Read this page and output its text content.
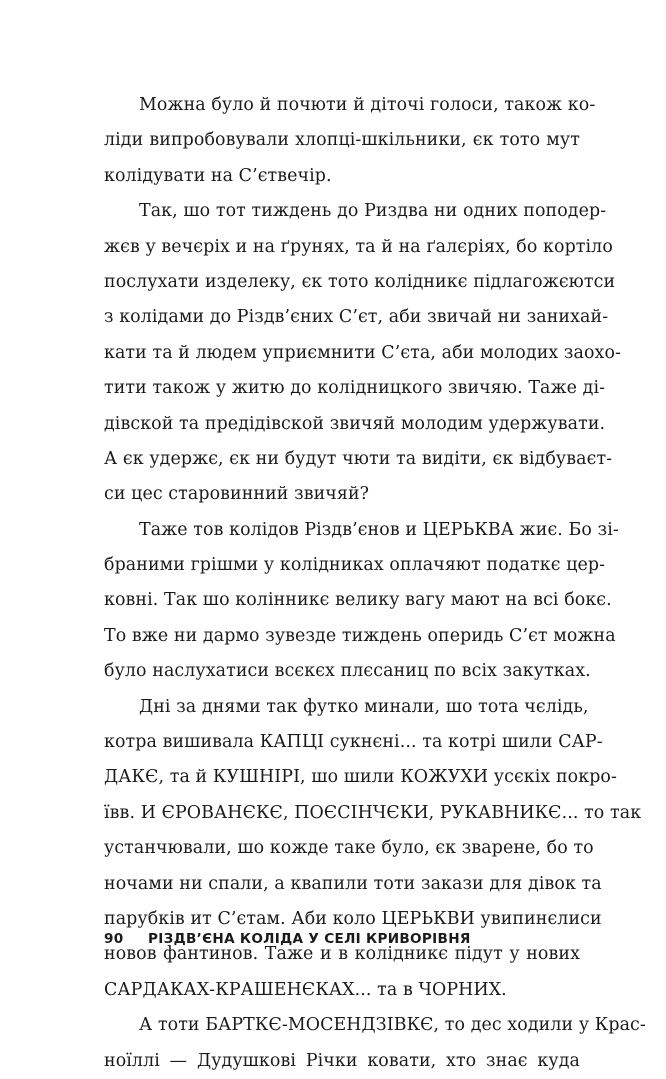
Можна було й почюти й діточі голоси, також ко-
ліди випробовували хлопці-шкільники, єк тото мут
колідувати на С’єтвечір.
Так, шо тот тиждень до Риздва ни одних поподер-
жєв у вечєріх и на ґрунях, та й на ґалєріях, бо кортіло
послухати изделеку, єк тото колідникє підлагожєютси
з колідами до Різдв’єних С’єт, аби звичай ни занихай-
кати та й людем уприємнити С’єта, аби молодих заохо-
тити також у житю до колідницкого звичяю. Таже ді-
дівской та предідівской звичяй молодим удержувати.
А єк удержє, єк ни будут чюти та видіти, єк відбуваєт-
си цес старовинний звичяй?
Таже тов колідов Різдв’єнов и ЦЕРЬКВА жиє. Бо зі-
браними грішми у колідниках оплачяют податкє цер-
ковні. Так шо колінникє велику вагу мают на всі бокє.
То вже ни дармо зувезде тиждень оперидь С’єт можна
було наслухатиси всєкєх плєсаниц по всіх закутках.
Дні за днями так футко минали, шо тота чєлідь,
котра вишивала КАПЦІ сукнєні... та котрі шили САР-
ДАКЄ, та й КУШНІРІ, шо шили КОЖУХИ усєкіх покро-
ївв. И ЄРОВАНЄКЄ, ПОЄСІНЧЄКИ, РУКАВНИКЄ... то так
устанчювали, шо кожде таке було, єк зварене, бо то
ночами ни спали, а квапили тоти закази для дівок та
парубків ит С’єтам. Аби коло ЦЕРЬКВИ увипинєлиси
новов фантинов. Таже и в колідникє підут у нових
САРДАКАХ-КРАШЕНЄКАХ... та в ЧОРНИХ.
А тоти БАРТКЄ-МОСЕНДЗІВКЄ, то дес ходили у Крас-
ноїллі — Дудушкові Річки ковати, хто знає куда
90 РІЗДВ’ЄНА КОЛІДА У СЕЛІ КРИВОРІВНЯ
